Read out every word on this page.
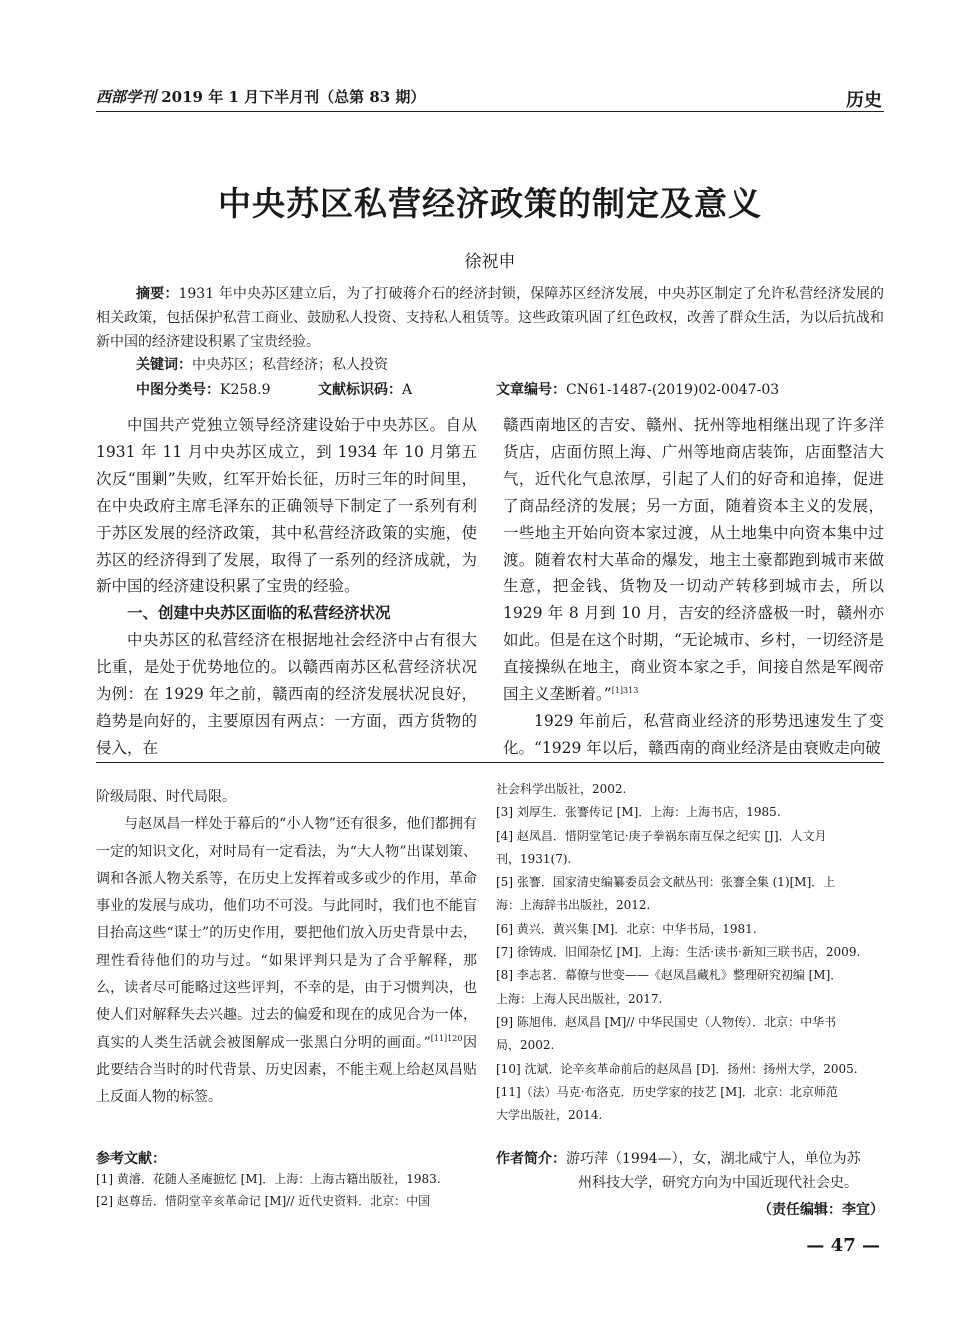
西部学刊 2019 年 1 月下半月刊（总第 83 期）	历史
中央苏区私营经济政策的制定及意义
徐祝申
摘要：1931 年中央苏区建立后，为了打破蒋介石的经济封锁，保障苏区经济发展，中央苏区制定了允许私营经济发展的相关政策，包括保护私营工商业、鼓励私人投资、支持私人租赁等。这些政策巩固了红色政权，改善了群众生活，为以后抗战和新中国的经济建设积累了宝贵经验。
关键词：中央苏区；私营经济；私人投资
中图分类号：K258.9	文献标识码：A	文章编号：CN61-1487-(2019)02-0047-03

中国共产党独立领导经济建设始于中央苏区。自从 1931 年 11 月中央苏区成立，到 1934 年 10 月第五次反“围剿”失败，红军开始长征，历时三年的时间里，在中央政府主席毛泽东的正确领导下制定了一系列有利于苏区发展的经济政策，其中私营经济政策的实施，使苏区的经济得到了发展，取得了一系列的经济成就，为新中国的经济建设积累了宝贵的经验。

一、创建中央苏区面临的私营经济状况

中央苏区的私营经济在根据地社会经济中占有很大比重，是处于优势地位的。以赣西南苏区私营经济状况为例：在 1929 年之前，赣西南的经济发展状况良好，趋势是向好的，主要原因有两点：一方面，西方货物的侵入，在

赣西南地区的吉安、赣州、抚州等地相继出现了许多洋货店，店面仿照上海、广州等地商店装饰，店面整洁大气，近代化气息浓厚，引起了人们的好奇和追捧，促进了商品经济的发展；另一方面，随着资本主义的发展，一些地主开始向资本家过渡，从土地集中向资本集中过渡。随着农村大革命的爆发，地主土豪都跑到城市来做生意，把金钱、货物及一切动产转移到城市去，所以 1929 年 8 月到 10 月，吉安的经济盛极一时，赣州亦如此。但是在这个时期，“无论城市、乡村，一切经济是直接操纵在地主，商业资本家之手，间接自然是军阀帝国主义垄断着。”$^{[1]313}$

1929 年前后，私营商业经济的形势迅速发生了变化。“1929 年以后，赣西南的商业经济是由衰败走向破

阶级局限、时代局限。

与赵凤昌一样处于幕后的“小人物”还有很多，他们都拥有一定的知识文化，对时局有一定看法，为“大人物”出谋划策、调和各派人物关系等，在历史上发挥着或多或少的作用，革命事业的发展与成功，他们功不可没。与此同时，我们也不能盲目抬高这些“谋士”的历史作用，要把他们放入历史背景中去，理性看待他们的功与过。“如果评判只是为了合乎解释，那么，读者尽可能略过这些评判，不幸的是，由于习惯判决，也使人们对解释失去兴趣。过去的偏爱和现在的成见合为一体，真实的人类生活就会被图解成一张黑白分明的画面。”$^{[11]120}$因此要结合当时的时代背景、历史因素，不能主观上给赵凤昌贴上反面人物的标签。

参考文献：
[1] 黄濬．花随人圣庵摭忆 [M]．上海：上海古籍出版社，1983.
[2] 赵尊岳．惜阴堂辛亥革命记 [M]// 近代史资料．北京：中国
社会科学出版社，2002.
[3] 刘厚生．张謇传记 [M]．上海：上海书店，1985.
[4] 赵凤昌．惜阴堂笔记·庚子拳祸东南互保之纪实 [J]．人文月
刊，1931(7).
[5] 张謇．国家清史编纂委员会文献丛刊：张謇全集 (1)[M]．上
海：上海辞书出版社，2012.
[6] 黄兴．黄兴集 [M]．北京：中华书局，1981.
[7] 徐铸成．旧闻杂忆 [M]．上海：生活·读书·新知三联书店，2009.
[8] 李志茗．幕僚与世变——《赵凤昌藏札》整理研究初编 [M]．
上海：上海人民出版社，2017.
[9] 陈旭伟．赵凤昌 [M]// 中华民国史（人物传）．北京：中华书
局，2002.
[10] 沈斌．论辛亥革命前后的赵凤昌 [D]．扬州：扬州大学，2005.
[11]（法）马克·布洛克．历史学家的技艺 [M]．北京：北京师范
大学出版社，2014.
作者简介：游巧萍（1994—），女，湖北咸宁人，单位为苏
州科技大学，研究方向为中国近现代社会史。
（责任编辑：李宜）
— 47 —
